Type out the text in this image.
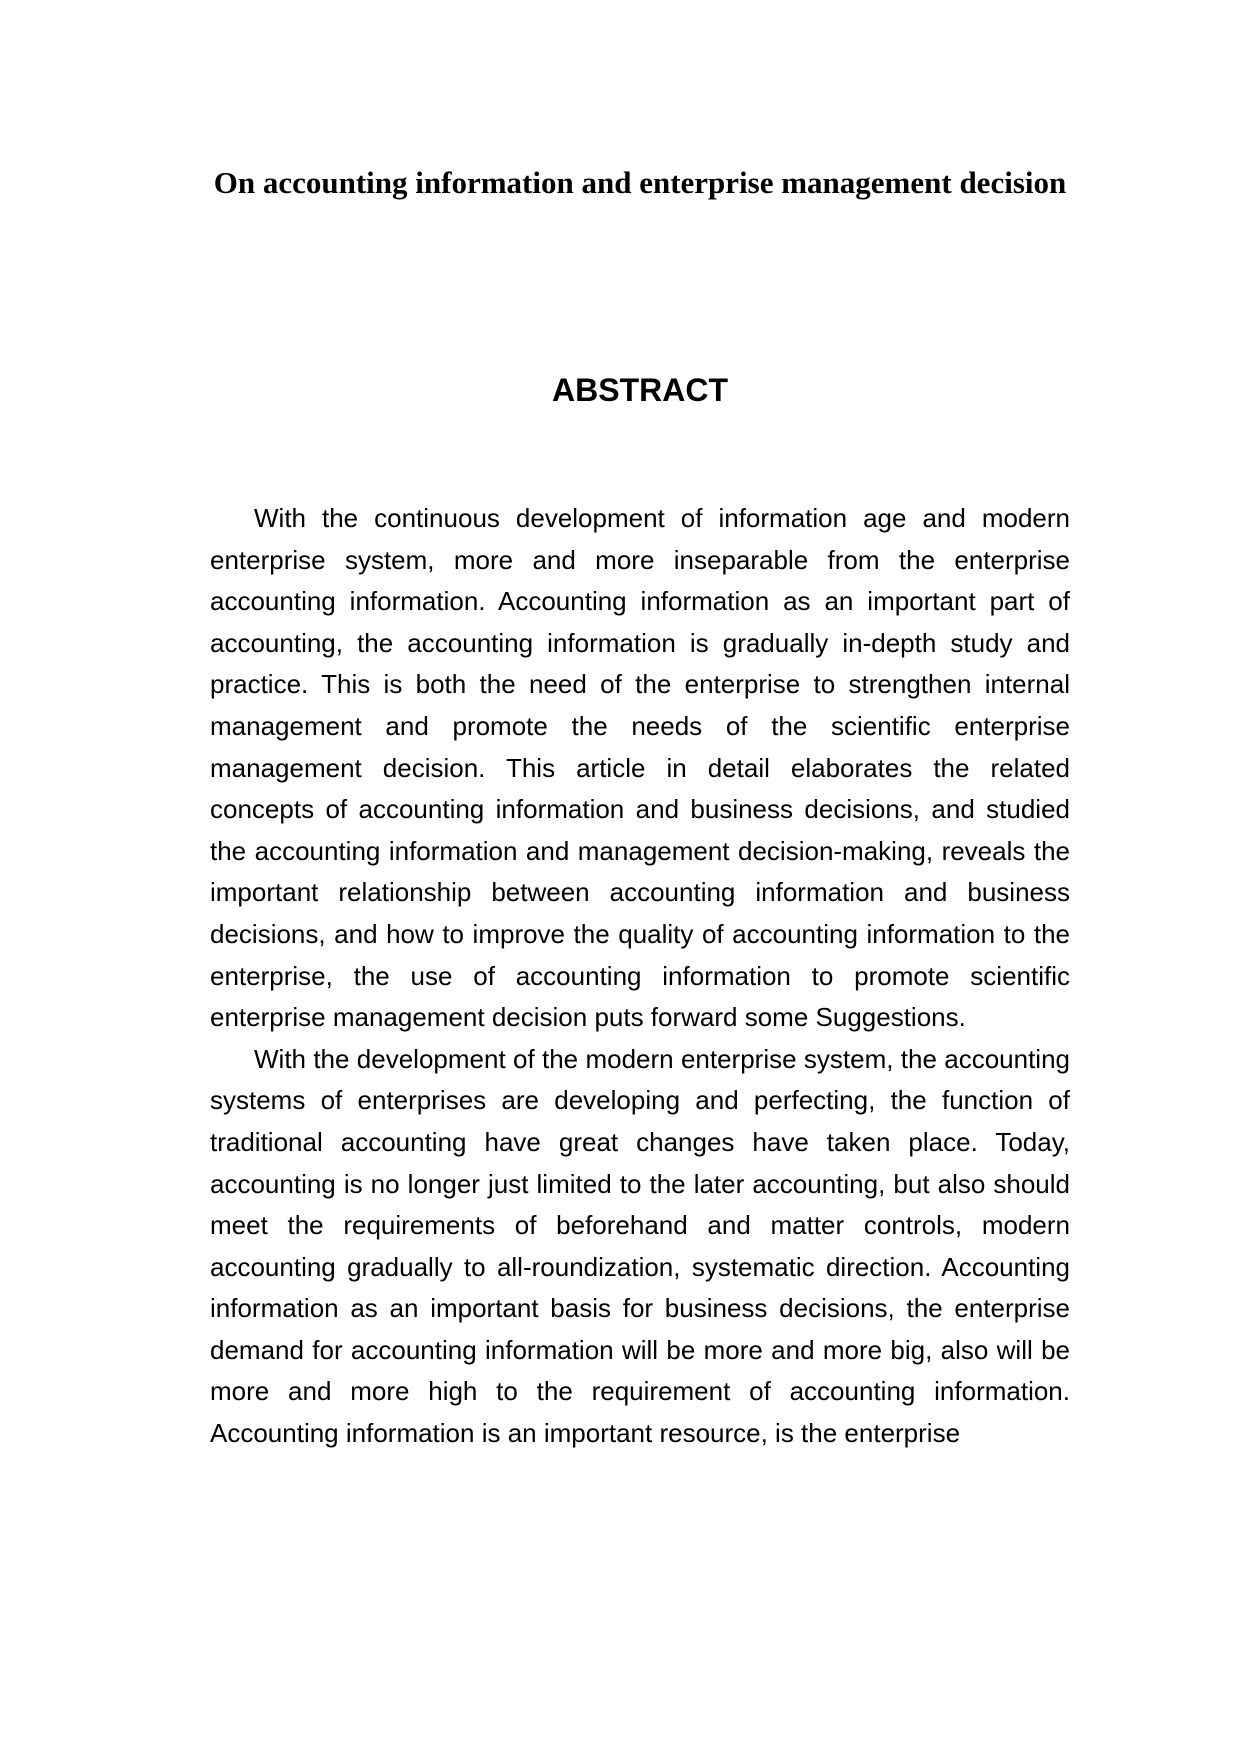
On accounting information and enterprise management decision
ABSTRACT

With the continuous development of information age and modern enterprise system, more and more inseparable from the enterprise accounting information. Accounting information as an important part of accounting, the accounting information is gradually in-depth study and practice. This is both the need of the enterprise to strengthen internal management and promote the needs of the scientific enterprise management decision. This article in detail elaborates the related concepts of accounting information and business decisions, and studied the accounting information and management decision-making, reveals the important relationship between accounting information and business decisions, and how to improve the quality of accounting information to the enterprise, the use of accounting information to promote scientific enterprise management decision puts forward some Suggestions.

With the development of the modern enterprise system, the accounting systems of enterprises are developing and perfecting, the function of traditional accounting have great changes have taken place. Today, accounting is no longer just limited to the later accounting, but also should meet the requirements of beforehand and matter controls, modern accounting gradually to all-roundization, systematic direction. Accounting information as an important basis for business decisions, the enterprise demand for accounting information will be more and more big, also will be more and more high to the requirement of accounting information. Accounting information is an important resource, is the enterprise
